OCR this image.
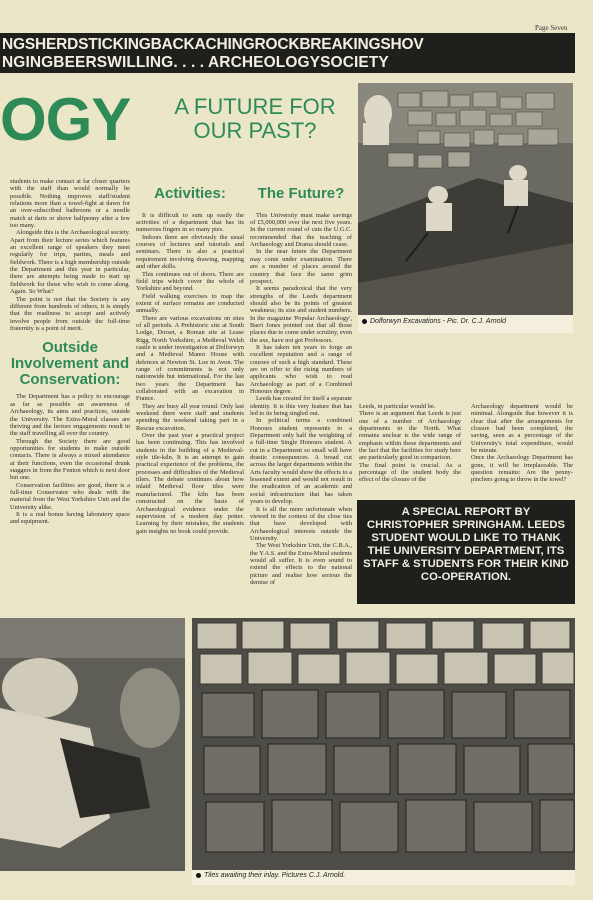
Page Seven
NGSHERDSTICKINGBACKACHINGROCKBREAKINGSHOV
NGINGBEERSWILLING. . . . ARCHEOLOGYSOCIETY
OGY	A FUTURE FOR
OUR PAST?
Dolforwyn Excavations - Pic. Dr. C.J. Arnold

students to make contact at far closer quarters with the staff than would normally be possible. Nothing improves staff/student relations more than a towel-fight at dawn for an over-subscribed bathroom or a needle match at darts or shove halfpenny after a few too many.

Alongside this is the Archaeological society. Apart from their lecture series which features an excellent range of speakers they meet regularly for trips, parties, meals and fieldwork. There is a high membership outside the Department and this year in particular, there are attempts being made to start up fieldwork for those who wish to come along. Again. So What?

The point is not that the Society is any different from hundreds of others, it is simply that the readiness to accept and actively involve people from outside the full-time fraternity is a point of merit.

Outside Involvement and Conservation:

The Department has a policy to encourage as far as possible an awareness of Archaeology, its aims and practices, outside the University. The Extra-Mural classes are thriving and the lecture engagements result in the staff travelling all over the country.

Through the Society there are good opportunities for students to make outside contacts. There is always a mixed attendance at their functions, even the occasional drunk staggers in from the Fenton which is next door but one.

Conservation facilities are good, there is a full-time Conservator who deals with the material from the West Yorkshire Unit and the University alike.

It is a real bonus having laboratory space and equipment.

Activities:

It is difficult to sum up easily the activities of a department that has its numerous fingers in so many pies.

Indoors there are obviously the usual courses of lectures and tutorials and seminars. There is also a practical requirement involving drawing, mapping and other skills.

This continues out of doors. There are field trips which cover the whole of Yorkshire and beyond.

Field walking exercises to map the extent of surface remains are conducted annually.

There are various excavations on sites of all periods. A Prehistoric site at South Lodge, Dorset, a Roman site at Lease Rigg, North Yorkshire, a Medieval Welsh castle is under investigation at Dolforwyn and a Medieval Manor House with defences at Newton St. Loe in Avon. The range of commitments is not only nationwide but international. For the last two years the Department has collaborated with an excavation in France.

They are busy all year round. Only last weekend there were staff and students spending the weekend taking part in a Rescue excavation.

Over the past year a practical project has been continuing. This has involved students in the building of a Medieval-style tile-kiln. It is an attempt to gain practical experience of the problems, the processes and difficulties of the Medieval tilers. The debate continues about how inlaid Medieval floor tiles were manufactured. The kiln has been constructed on the basis of Archaeological evidence under the supervision of a modern day potter. Learning by their mistakes, the students gain insights no book could provide.

The Future?

This University must make savings of £5,000,000 over the next five years. In the current round of cuts the U.G.C. recommended that the teaching of Archaeology and Drama should cease.

In the near future the Department may come under examination. There are a number of places around the country that face the same grim prospect.

It seems paradoxical that the very strengths of the Leeds department should also be its points of greatest weakness; its size and student numbers. In the magazine 'Popular Archaeology', Barri Jones pointed out that all those places due to come under scrutiny, even the axe, have not got Professors.

It has taken ten years to forge an excellent reputation and a range of courses of such a high standard. These are on offer to the rising numbers of applicants who wish to read Archaeology as part of a Combined Honours degree.

Leeds has created for itself a separate identity. It is this very feature that has led to its being singled out.

In political terms a combined Honours student represents to a Department only half the weighting of a full-time Single Honours student. A cut in a Department so small will have drastic consequences. A broad cut across the larger departments within the Arts faculty would show the effects to a lessened extent and would not result in the eradication of an academic and social infrastructure that has taken years to develop.

It is all the more unfortunate when viewed in the context of the close ties that have developed with Archaeological interests outside the University.

The West Yorkshire Unit, the C.B.A., the Y.A.S. and the Extra-Mural students would all suffer. It is even sound to extend the effects to the national picture and realise how serious the demise of

Leeds, in particular would be.
There is an argument that Leeds is just one of a number of Archaeology departments in the North. What remains unclear is the wide range of emphasis within these departments and the fact that the facilities for study here are particularly good in comparison.
The final point is crucial. As a percentage of the student body the effect of the closure of the
Archaeology department would be minimal. Alongside that however it is clear that after the arrangements for closure had been completed, the saving, seen as a percentage of the University's total expenditure, would be minute.
Once the Archaeology Department has gone, it will be irreplaceable. The question remains: Are the penny-pinchers going to throw in the towel?
A SPECIAL REPORT BY CHRISTOPHER SPRINGHAM. LEEDS STUDENT WOULD LIKE TO THANK THE UNIVERSITY DEPARTMENT, ITS STAFF & STUDENTS FOR THEIR KIND CO-OPERATION.
Tiles awaiting their inlay. Pictures C.J. Arnold.
